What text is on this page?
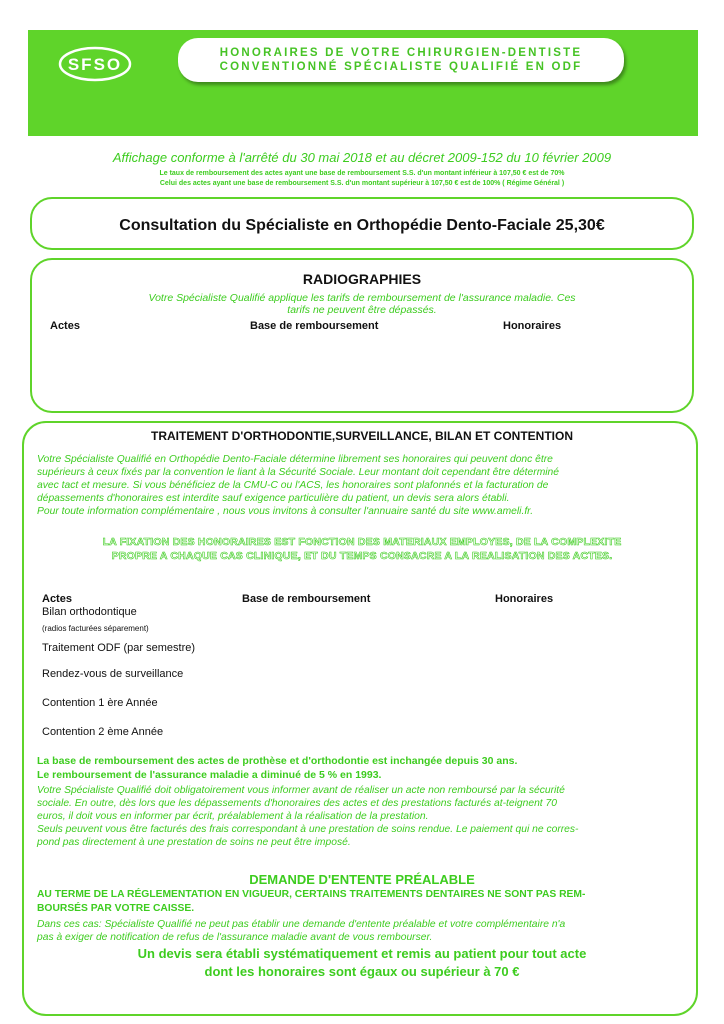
SFSO
HONORAIRES DE VOTRE CHIRURGIEN-DENTISTE
CONVENTIONNÉ SPÉCIALISTE QUALIFIÉ EN ODF
Affichage conforme à l'arrêté du 30 mai 2018 et au décret 2009-152 du 10 février 2009
Le taux de remboursement des actes ayant une base de remboursement S.S. d'un montant inférieur à 107,50 € est de 70%
Celui des actes ayant une base de remboursement S.S. d'un montant supérieur à 107,50 € est de 100% ( Régime Général )
Consultation du Spécialiste en Orthopédie Dento-Faciale 25,30€
RADIOGRAPHIES
Votre Spécialiste Qualifié applique les tarifs de remboursement de l'assurance maladie. Ces
tarifs ne peuvent être dépassés.
Actes	Base de remboursement	Honoraires
TRAITEMENT D'ORTHODONTIE,SURVEILLANCE, BILAN ET CONTENTION
Votre Spécialiste Qualifié en Orthopédie Dento-Faciale détermine librement ses honoraires qui peuvent donc être
supérieurs à ceux fixés par la convention le liant à la Sécurité Sociale. Leur montant doit cependant être déterminé
avec tact et mesure. Si vous bénéficiez de la CMU-C ou l'ACS, les honoraires sont plafonnés et la facturation de
dépassements d'honoraires est interdite sauf exigence particulière du patient, un devis sera alors établi.
Pour toute information complémentaire , nous vous invitons à consulter l'annuaire santé du site www.ameli.fr.
LA FIXATION DES HONORAIRES EST FONCTION DES MATERIAUX EMPLOYES, DE LA COMPLEXITE
PROPRE A CHAQUE CAS CLINIQUE, ET DU TEMPS CONSACRE A LA REALISATION DES ACTES.
Actes	Base de remboursement	Honoraires
Bilan orthodontique
(radios facturées séparement)
Traitement ODF (par semestre)
Rendez-vous de surveillance
Contention 1 ère Année
Contention 2 ème Année
La base de remboursement des actes de prothèse et d'orthodontie est inchangée depuis 30 ans.
Le remboursement de l'assurance maladie a diminué de 5 % en 1993.
Votre Spécialiste Qualifié doit obligatoirement vous informer avant de réaliser un acte non remboursé par la sécurité
sociale. En outre, dès lors que les dépassements d'honoraires des actes et des prestations facturés at-teignent 70
euros, il doit vous en informer par écrit, préalablement à la réalisation de la prestation.
Seuls peuvent vous être facturés des frais correspondant à une prestation de soins rendue. Le paiement qui ne corres-
pond pas directement à une prestation de soins ne peut être imposé.
DEMANDE D'ENTENTE PRÉALABLE
AU TERME DE LA RÉGLEMENTATION EN VIGUEUR, CERTAINS TRAITEMENTS DENTAIRES NE SONT PAS REM-
BOURSÉS PAR VOTRE CAISSE.
Dans ces cas: Spécialiste Qualifié ne peut pas établir une demande d'entente préalable et votre complémentaire n'a
pas à exiger de notification de refus de l'assurance maladie avant de vous rembourser.
Un devis sera établi systématiquement et remis au patient pour tout acte
dont les honoraires sont égaux ou supérieur à 70 €
